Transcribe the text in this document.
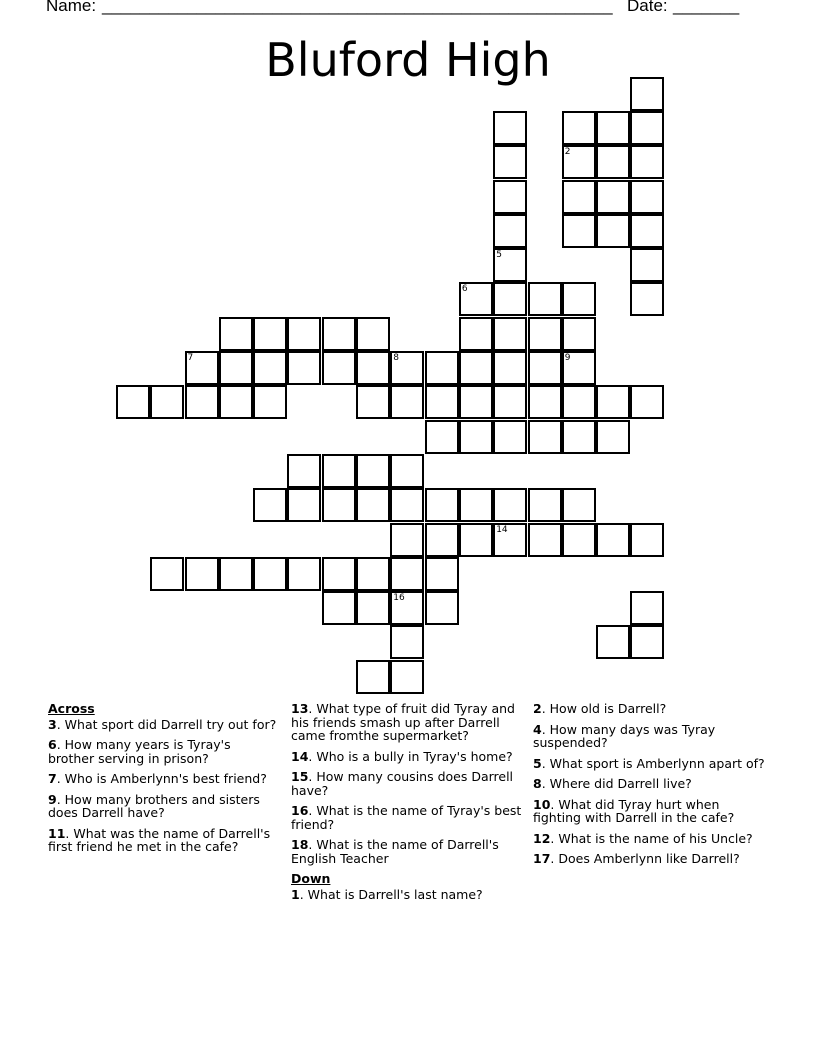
Name: ______________________________________________________ Date: _______
Bluford High
7	8	9
16
14
6
5
2
Across
3. What sport did Darrell try out for?
6. How many years is Tyray's brother serving in prison?
7. Who is Amberlynn's best friend?
9. How many brothers and sisters does Darrell have?
11. What was the name of Darrell's first friend he met in the cafe?
13. What type of fruit did Tyray and his friends smash up after Darrell came fromthe supermarket?
14. Who is a bully in Tyray's home?
15. How many cousins does Darrell have?
16. What is the name of Tyray's best friend?
18. What is the name of Darrell's English Teacher
Down
1. What is Darrell's last name?
2. How old is Darrell?
4. How many days was Tyray suspended?
5. What sport is Amberlynn apart of?
8. Where did Darrell live?
10. What did Tyray hurt when fighting with Darrell in the cafe?
12. What is the name of his Uncle?
17. Does Amberlynn like Darrell?
